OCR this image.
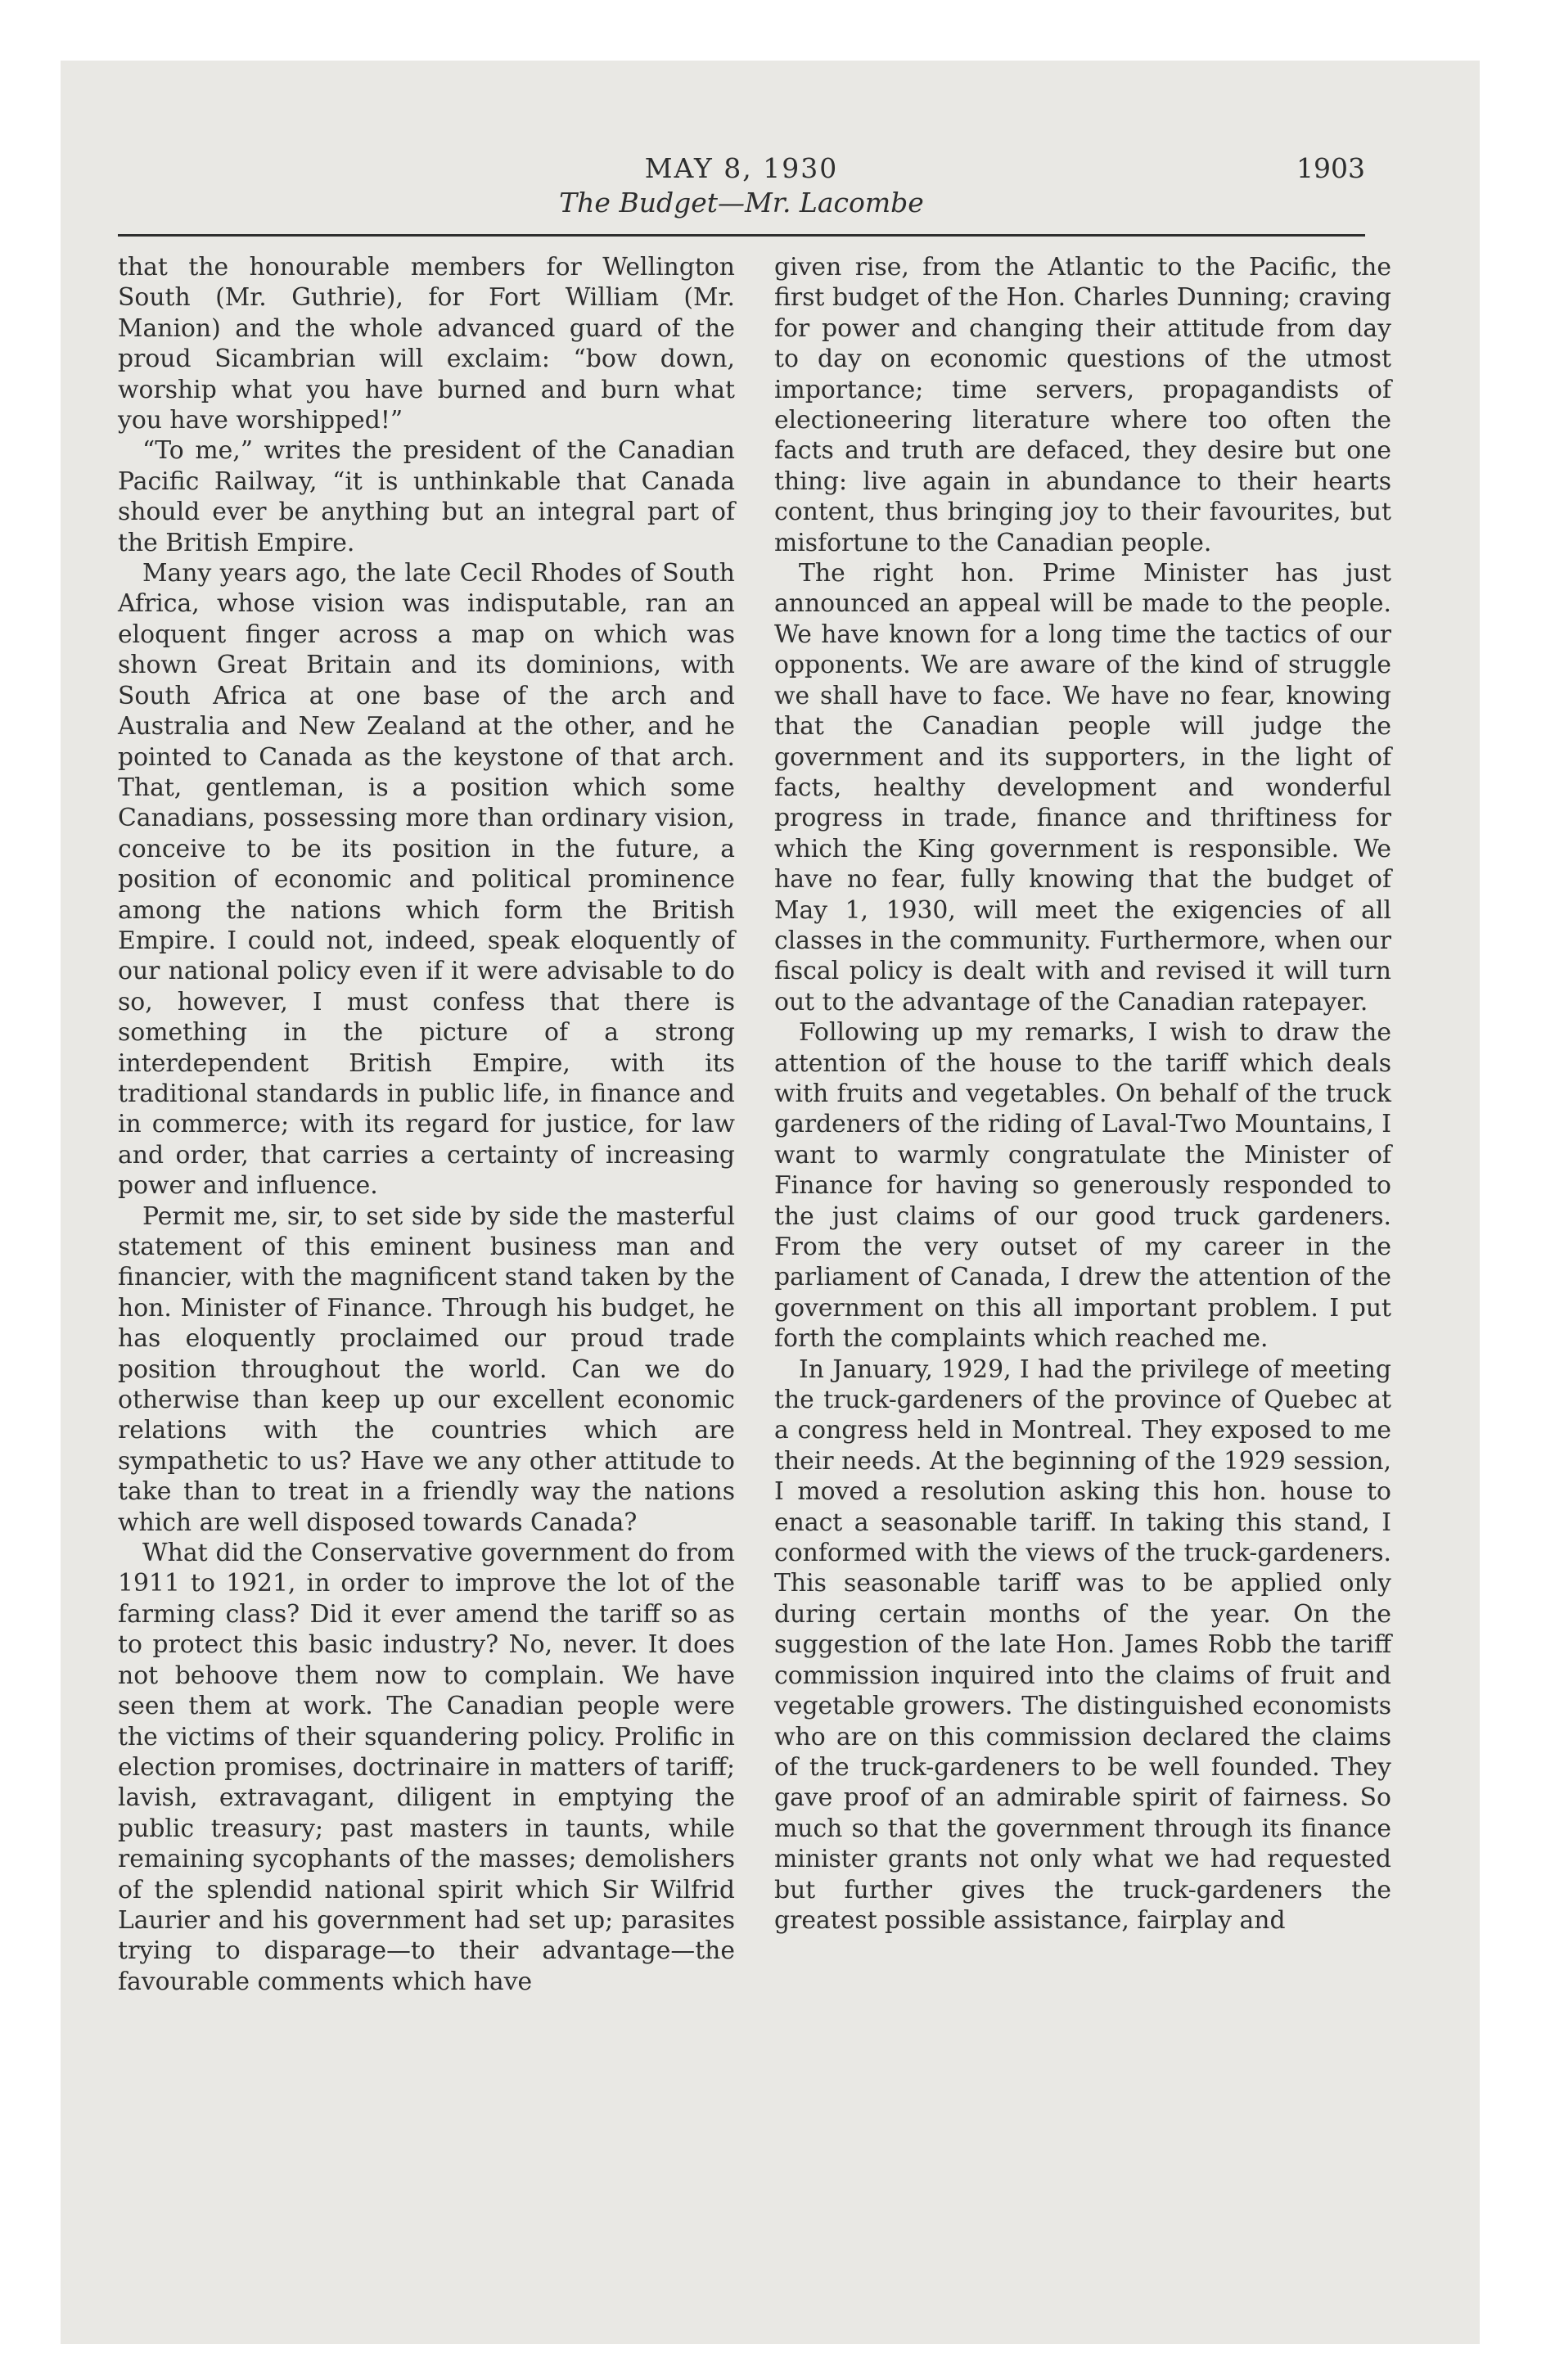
MAY 8, 1930	1903
The Budget—Mr. Lacombe

that the honourable members for Wellington South (Mr. Guthrie), for Fort William (Mr. Manion) and the whole advanced guard of the proud Sicambrian will exclaim: “bow down, worship what you have burned and burn what you have worshipped!”

“To me,” writes the president of the Canadian Pacific Railway, “it is unthinkable that Canada should ever be anything but an integral part of the British Empire.

Many years ago, the late Cecil Rhodes of South Africa, whose vision was indisputable, ran an eloquent finger across a map on which was shown Great Britain and its dominions, with South Africa at one base of the arch and Australia and New Zealand at the other, and he pointed to Canada as the keystone of that arch. That, gentleman, is a position which some Canadians, possessing more than ordinary vision, conceive to be its position in the future, a position of economic and political prominence among the nations which form the British Empire. I could not, indeed, speak eloquently of our national policy even if it were advisable to do so, however, I must confess that there is something in the picture of a strong interdependent British Empire, with its traditional standards in public life, in finance and in commerce; with its regard for justice, for law and order, that carries a certainty of increasing power and influence.

Permit me, sir, to set side by side the masterful statement of this eminent business man and financier, with the magnificent stand taken by the hon. Minister of Finance. Through his budget, he has eloquently proclaimed our proud trade position throughout the world. Can we do otherwise than keep up our excellent economic relations with the countries which are sympathetic to us? Have we any other attitude to take than to treat in a friendly way the nations which are well disposed towards Canada?

What did the Conservative government do from 1911 to 1921, in order to improve the lot of the farming class? Did it ever amend the tariff so as to protect this basic industry? No, never. It does not behoove them now to complain. We have seen them at work. The Canadian people were the victims of their squandering policy. Prolific in election promises, doctrinaire in matters of tariff; lavish, extravagant, diligent in emptying the public treasury; past masters in taunts, while remaining sycophants of the masses; demolishers of the splendid national spirit which Sir Wilfrid Laurier and his government had set up; parasites trying to disparage—to their advantage—the favourable comments which have

given rise, from the Atlantic to the Pacific, the first budget of the Hon. Charles Dunning; craving for power and changing their attitude from day to day on economic questions of the utmost importance; time servers, propagandists of electioneering literature where too often the facts and truth are defaced, they desire but one thing: live again in abundance to their hearts content, thus bringing joy to their favourites, but misfortune to the Canadian people.

The right hon. Prime Minister has just announced an appeal will be made to the people. We have known for a long time the tactics of our opponents. We are aware of the kind of struggle we shall have to face. We have no fear, knowing that the Canadian people will judge the government and its supporters, in the light of facts, healthy development and wonderful progress in trade, finance and thriftiness for which the King government is responsible. We have no fear, fully knowing that the budget of May 1, 1930, will meet the exigencies of all classes in the community. Furthermore, when our fiscal policy is dealt with and revised it will turn out to the advantage of the Canadian ratepayer.

Following up my remarks, I wish to draw the attention of the house to the tariff which deals with fruits and vegetables. On behalf of the truck gardeners of the riding of Laval-Two Mountains, I want to warmly congratulate the Minister of Finance for having so generously responded to the just claims of our good truck gardeners. From the very outset of my career in the parliament of Canada, I drew the attention of the government on this all important problem. I put forth the complaints which reached me.

In January, 1929, I had the privilege of meeting the truck-gardeners of the province of Quebec at a congress held in Montreal. They exposed to me their needs. At the beginning of the 1929 session, I moved a resolution asking this hon. house to enact a seasonable tariff. In taking this stand, I conformed with the views of the truck-gardeners. This seasonable tariff was to be applied only during certain months of the year. On the suggestion of the late Hon. James Robb the tariff commission inquired into the claims of fruit and vegetable growers. The distinguished economists who are on this commission declared the claims of the truck-gardeners to be well founded. They gave proof of an admirable spirit of fairness. So much so that the government through its finance minister grants not only what we had requested but further gives the truck-gardeners the greatest possible assistance, fairplay and
